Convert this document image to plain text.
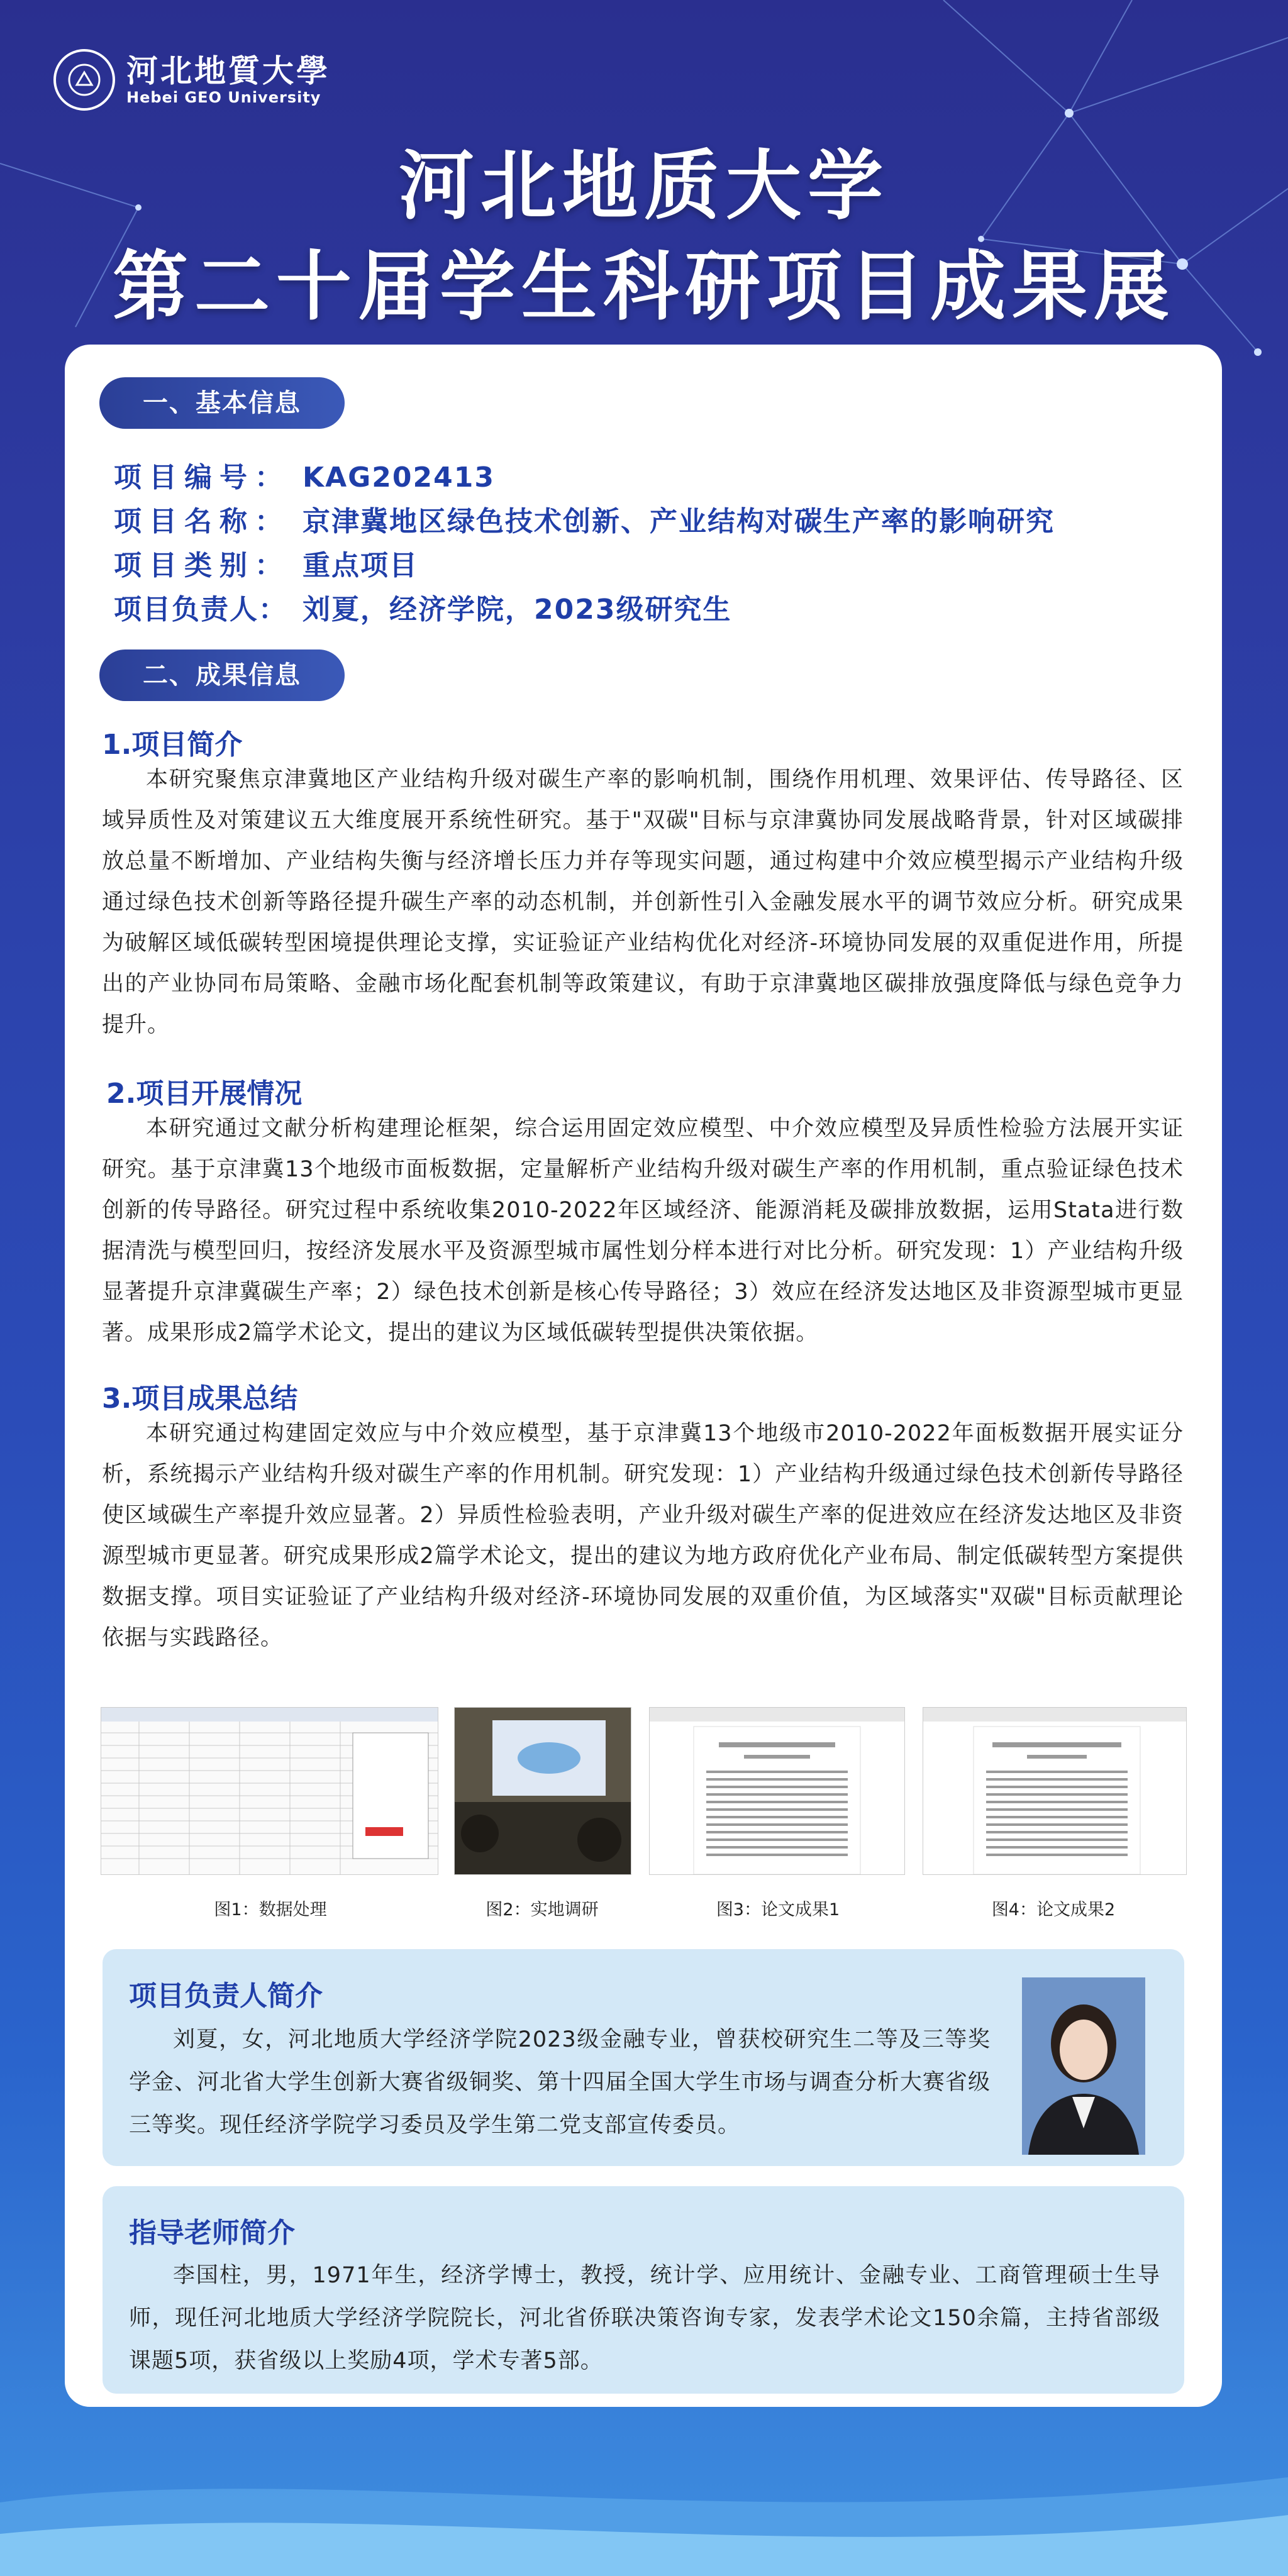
河北地質大學
Hebei GEO University
河北地质大学
第二十届学生科研项目成果展
一、基本信息
项目编号： KAG202413
项目名称： 京津冀地区绿色技术创新、产业结构对碳生产率的影响研究
项目类别： 重点项目
项目负责人： 刘夏，经济学院，2023级研究生
二、成果信息
1.项目简介
本研究聚焦京津冀地区产业结构升级对碳生产率的影响机制，围绕作用机理、效果评估、传导路径、区域异质性及对策建议五大维度展开系统性研究。基于"双碳"目标与京津冀协同发展战略背景，针对区域碳排放总量不断增加、产业结构失衡与经济增长压力并存等现实问题，通过构建中介效应模型揭示产业结构升级通过绿色技术创新等路径提升碳生产率的动态机制，并创新性引入金融发展水平的调节效应分析。研究成果为破解区域低碳转型困境提供理论支撑，实证验证产业结构优化对经济-环境协同发展的双重促进作用，所提出的产业协同布局策略、金融市场化配套机制等政策建议，有助于京津冀地区碳排放强度降低与绿色竞争力提升。
2.项目开展情况
本研究通过文献分析构建理论框架，综合运用固定效应模型、中介效应模型及异质性检验方法展开实证研究。基于京津冀13个地级市面板数据，定量解析产业结构升级对碳生产率的作用机制，重点验证绿色技术创新的传导路径。研究过程中系统收集2010-2022年区域经济、能源消耗及碳排放数据，运用Stata进行数据清洗与模型回归，按经济发展水平及资源型城市属性划分样本进行对比分析。研究发现：1）产业结构升级显著提升京津冀碳生产率；2）绿色技术创新是核心传导路径；3）效应在经济发达地区及非资源型城市更显著。成果形成2篇学术论文，提出的建议为区域低碳转型提供决策依据。
3.项目成果总结
本研究通过构建固定效应与中介效应模型，基于京津冀13个地级市2010-2022年面板数据开展实证分析，系统揭示产业结构升级对碳生产率的作用机制。研究发现：1）产业结构升级通过绿色技术创新传导路径使区域碳生产率提升效应显著。2）异质性检验表明，产业升级对碳生产率的促进效应在经济发达地区及非资源型城市更显著。研究成果形成2篇学术论文，提出的建议为地方政府优化产业布局、制定低碳转型方案提供数据支撑。项目实证验证了产业结构升级对经济-环境协同发展的双重价值，为区域落实"双碳"目标贡献理论依据与实践路径。
图1：数据处理	图2：实地调研	图3：论文成果1	图4：论文成果2
项目负责人简介
刘夏，女，河北地质大学经济学院2023级金融专业，曾获校研究生二等及三等奖学金、河北省大学生创新大赛省级铜奖、第十四届全国大学生市场与调查分析大赛省级三等奖。现任经济学院学习委员及学生第二党支部宣传委员。
指导老师简介
李国柱，男，1971年生，经济学博士，教授，统计学、应用统计、金融专业、工商管理硕士生导师，现任河北地质大学经济学院院长，河北省侨联决策咨询专家，发表学术论文150余篇，主持省部级课题5项，获省级以上奖励4项，学术专著5部。
